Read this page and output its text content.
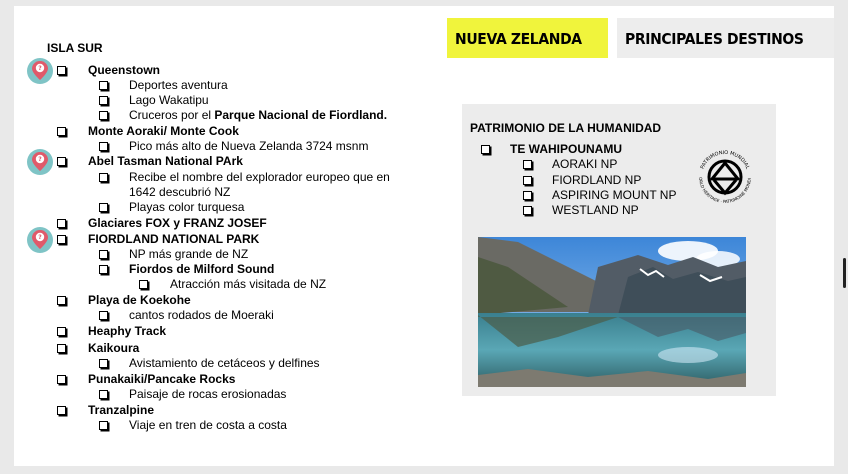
NUEVA ZELANDA	PRINCIPALES DESTINOS
ISLA SUR
Queenstown
Deportes aventura
Lago Wakatipu
Cruceros por el Parque Nacional de Fiordland.
Monte Aoraki/ Monte Cook
Pico más alto de Nueva Zelanda 3724 msnm
Abel Tasman National PArk
Recibe el nombre del explorador europeo que en
1642 descubrió NZ
Playas color turquesa
Glaciares FOX y FRANZ JOSEF
FIORDLAND NATIONAL PARK
NP más grande de NZ
Fiordos de Milford Sound
Atracción más visitada de NZ
Playa de Koekohe
cantos rodados de Moeraki
Heaphy Track
Kaikoura
Avistamiento de cetáceos y delfines
Punakaiki/Pancake Rocks
Paisaje de rocas erosionadas
Tranzalpine
Viaje en tren de costa a costa
PATRIMONIO DE LA HUMANIDAD
TE WAHIPOUNAMU
AORAKI NP
FIORDLAND NP
ASPIRING MOUNT NP
WESTLAND NP
PATRIMONIO MUNDIAL
ORLD HERITAGE · PATRIMOINE MONDI
?
?
?
